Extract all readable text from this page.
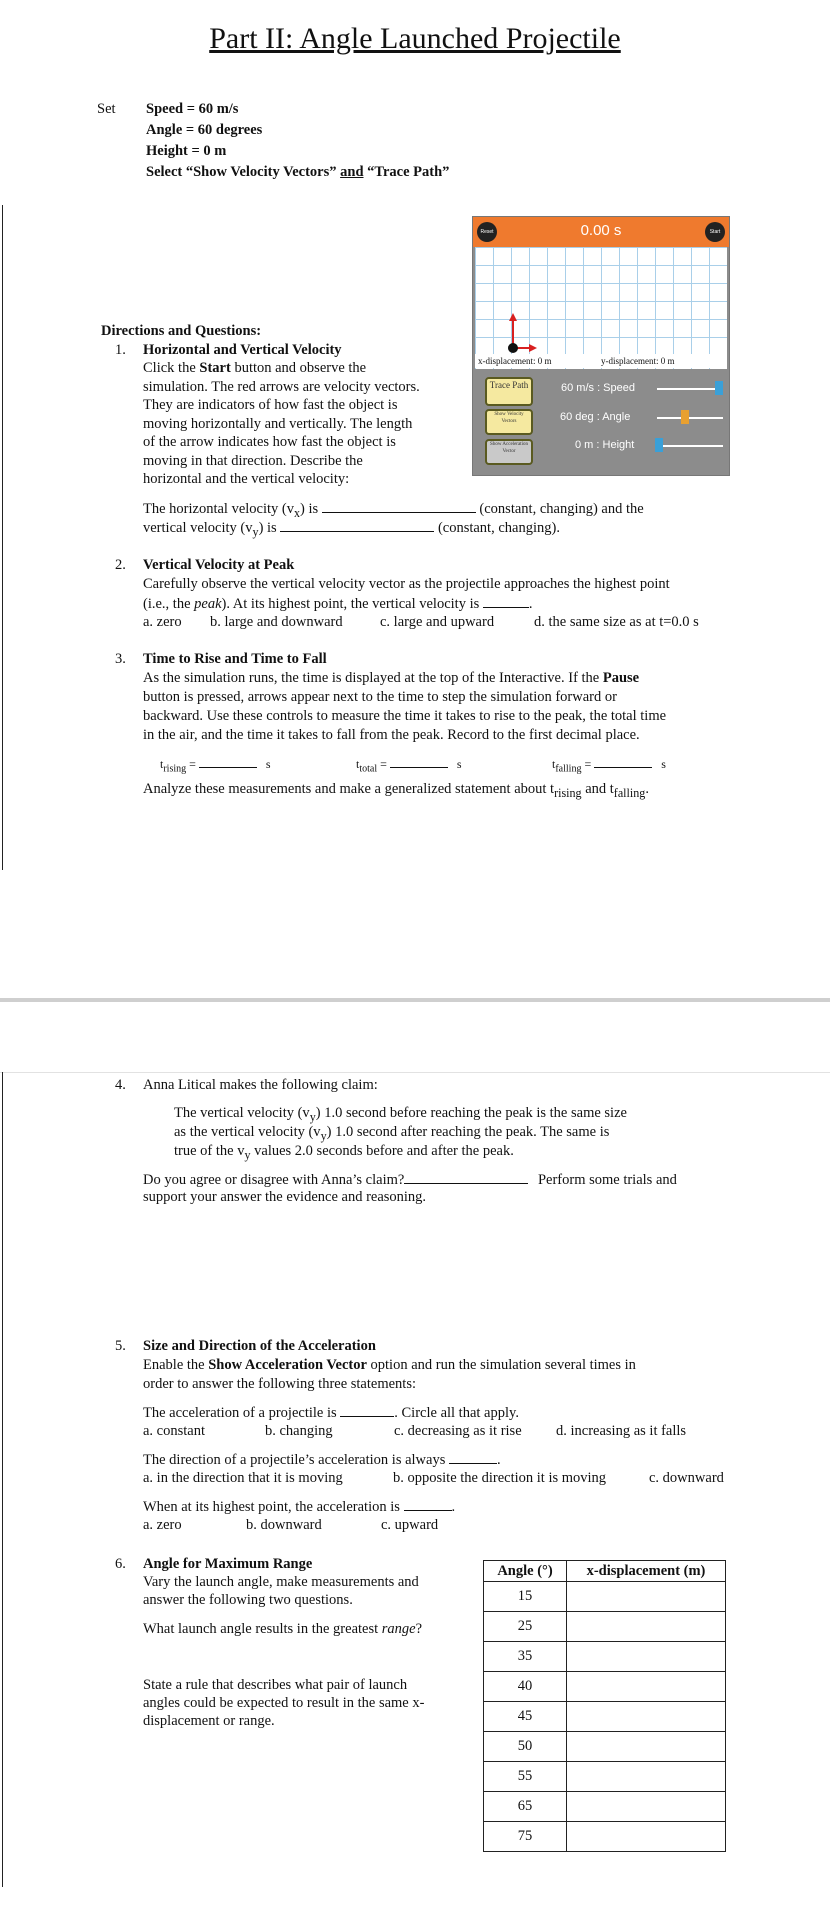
Part II: Angle Launched Projectile
Set Speed = 60 m/s
Angle = 60 degrees
Height = 0 m
Select “Show Velocity Vectors” and “Trace Path”
Reset	0.00 s	Start
x-displacement: 0 m	y-displacement: 0 m
Trace Path
Show Velocity Vectors
Show Acceleration Vector
60 m/s : Speed
60 deg : Angle
0 m : Height
Directions and Questions:
1. Horizontal and Vertical Velocity
Click the Start button and observe the
simulation. The red arrows are velocity vectors.
They are indicators of how fast the object is
moving horizontally and vertically. The length
of the arrow indicates how fast the object is
moving in that direction. Describe the
horizontal and the vertical velocity:
The horizontal velocity $(v_x)$ is	(constant, changing) and the
vertical velocity $(v_y)$ is	(constant, changing).
2. Vertical Velocity at Peak
Carefully observe the vertical velocity vector as the projectile approaches the highest point
(i.e., the peak). At its highest point, the vertical velocity is	.
a. zero b. large and downward	c. large and upward	d. the same size as at t=0.0 s
3. Time to Rise and Time to Fall
As the simulation runs, the time is displayed at the top of the Interactive. If the Pause
button is pressed, arrows appear next to the time to step the simulation forward or
backward. Use these controls to measure the time it takes to rise to the peak, the total time
in the air, and the time it takes to fall from the peak. Record to the first decimal place.
$t_{rising}$ =	s	$t_{total}$ =	s	$t_{falling}$ =	s
Analyze these measurements and make a generalized statement about $t_{rising}$ and $t_{falling}$.
4. Anna Litical makes the following claim:
The vertical velocity $(v_y)$ 1.0 second before reaching the peak is the same size
as the vertical velocity $(v_y)$ 1.0 second after reaching the peak. The same is
true of the $v_y$ values 2.0 seconds before and after the peak.
Do you agree or disagree with Anna’s claim?	Perform some trials and
support your answer the evidence and reasoning.
5. Size and Direction of the Acceleration
Enable the Show Acceleration Vector option and run the simulation several times in
order to answer the following three statements:
The acceleration of a projectile is	. Circle all that apply.
a. constant	b. changing	c. decreasing as it rise d. increasing as it falls
The direction of a projectile’s acceleration is always	.
a. in the direction that it is moving	b. opposite the direction it is moving	c. downward
When at its highest point, the acceleration is	.
a. zero	b. downward	c. upward
6. Angle for Maximum Range
Vary the launch angle, make measurements and
answer the following two questions.
What launch angle results in the greatest range?
State a rule that describes what pair of launch
angles could be expected to result in the same x-
displacement or range.
Angle (°)	x-displacement (m)
15	
25	
35	
40	
45	
50	
55	
65	
75	
